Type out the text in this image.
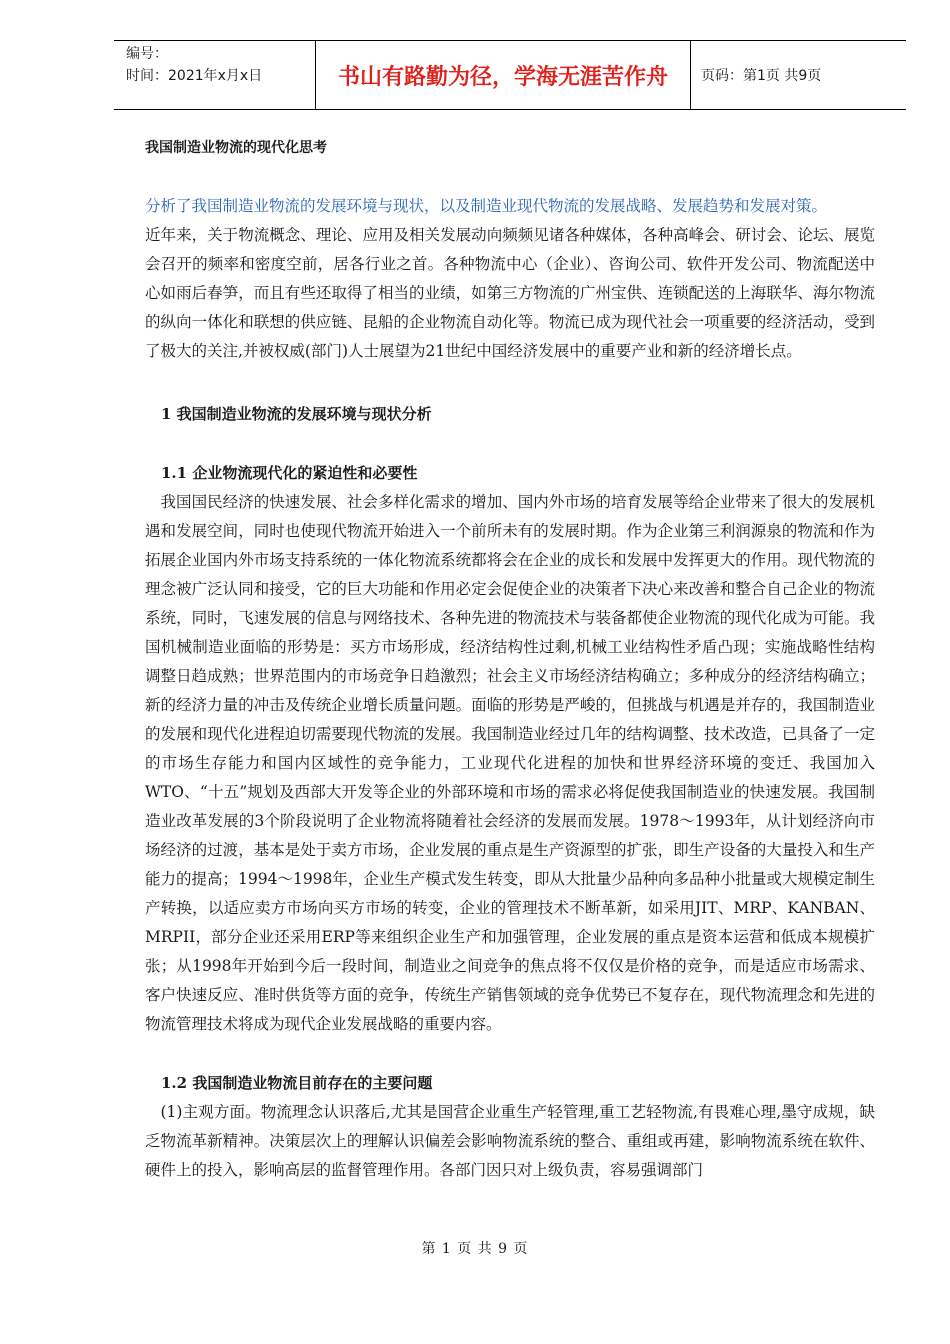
编号：
时间：2021年x月x日	书山有路勤为径，学海无涯苦作舟	页码：第1页 共9页
我国制造业物流的现代化思考

分析了我国制造业物流的发展环境与现状，以及制造业现代物流的发展战略、发展趋势和发展对策。

近年来，关于物流概念、理论、应用及相关发展动向频频见诸各种媒体，各种高峰会、研讨会、论坛、展览会召开的频率和密度空前，居各行业之首。各种物流中心（企业）、咨询公司、软件开发公司、物流配送中心如雨后春笋，而且有些还取得了相当的业绩，如第三方物流的广州宝供、连锁配送的上海联华、海尔物流的纵向一体化和联想的供应链、昆船的企业物流自动化等。物流已成为现代社会一项重要的经济活动，受到了极大的关注,并被权威(部门)人士展望为21世纪中国经济发展中的重要产业和新的经济增长点。

1 我国制造业物流的发展环境与现状分析
1.1 企业物流现代化的紧迫性和必要性

我国国民经济的快速发展、社会多样化需求的增加、国内外市场的培育发展等给企业带来了很大的发展机遇和发展空间，同时也使现代物流开始进入一个前所未有的发展时期。作为企业第三利润源泉的物流和作为拓展企业国内外市场支持系统的一体化物流系统都将会在企业的成长和发展中发挥更大的作用。现代物流的理念被广泛认同和接受，它的巨大功能和作用必定会促使企业的决策者下决心来改善和整合自己企业的物流系统，同时，飞速发展的信息与网络技术、各种先进的物流技术与装备都使企业物流的现代化成为可能。我国机械制造业面临的形势是：买方市场形成，经济结构性过剩,机械工业结构性矛盾凸现；实施战略性结构调整日趋成熟；世界范围内的市场竞争日趋激烈；社会主义市场经济结构确立；多种成分的经济结构确立；新的经济力量的冲击及传统企业增长质量问题。面临的形势是严峻的，但挑战与机遇是并存的，我国制造业的发展和现代化进程迫切需要现代物流的发展。我国制造业经过几年的结构调整、技术改造，已具备了一定的市场生存能力和国内区域性的竞争能力，工业现代化进程的加快和世界经济环境的变迁、我国加入WTO、“十五”规划及西部大开发等企业的外部环境和市场的需求必将促使我国制造业的快速发展。我国制造业改革发展的3个阶段说明了企业物流将随着社会经济的发展而发展。1978～1993年，从计划经济向市场经济的过渡，基本是处于卖方市场，企业发展的重点是生产资源型的扩张，即生产设备的大量投入和生产能力的提高；1994～1998年，企业生产模式发生转变，即从大批量少品种向多品种小批量或大规模定制生产转换，以适应卖方市场向买方市场的转变，企业的管理技术不断革新，如采用JIT、MRP、KANBAN、MRPII，部分企业还采用ERP等来组织企业生产和加强管理，企业发展的重点是资本运营和低成本规模扩张；从1998年开始到今后一段时间，制造业之间竞争的焦点将不仅仅是价格的竞争，而是适应市场需求、客户快速反应、准时供货等方面的竞争，传统生产销售领域的竞争优势已不复存在，现代物流理念和先进的物流管理技术将成为现代企业发展战略的重要内容。

1.2 我国制造业物流目前存在的主要问题

(1)主观方面。物流理念认识落后,尤其是国营企业重生产轻管理,重工艺轻物流,有畏难心理,墨守成规，缺乏物流革新精神。决策层次上的理解认识偏差会影响物流系统的整合、重组或再建，影响物流系统在软件、硬件上的投入，影响高层的监督管理作用。各部门因只对上级负责，容易强调部门

第 1 页 共 9 页
